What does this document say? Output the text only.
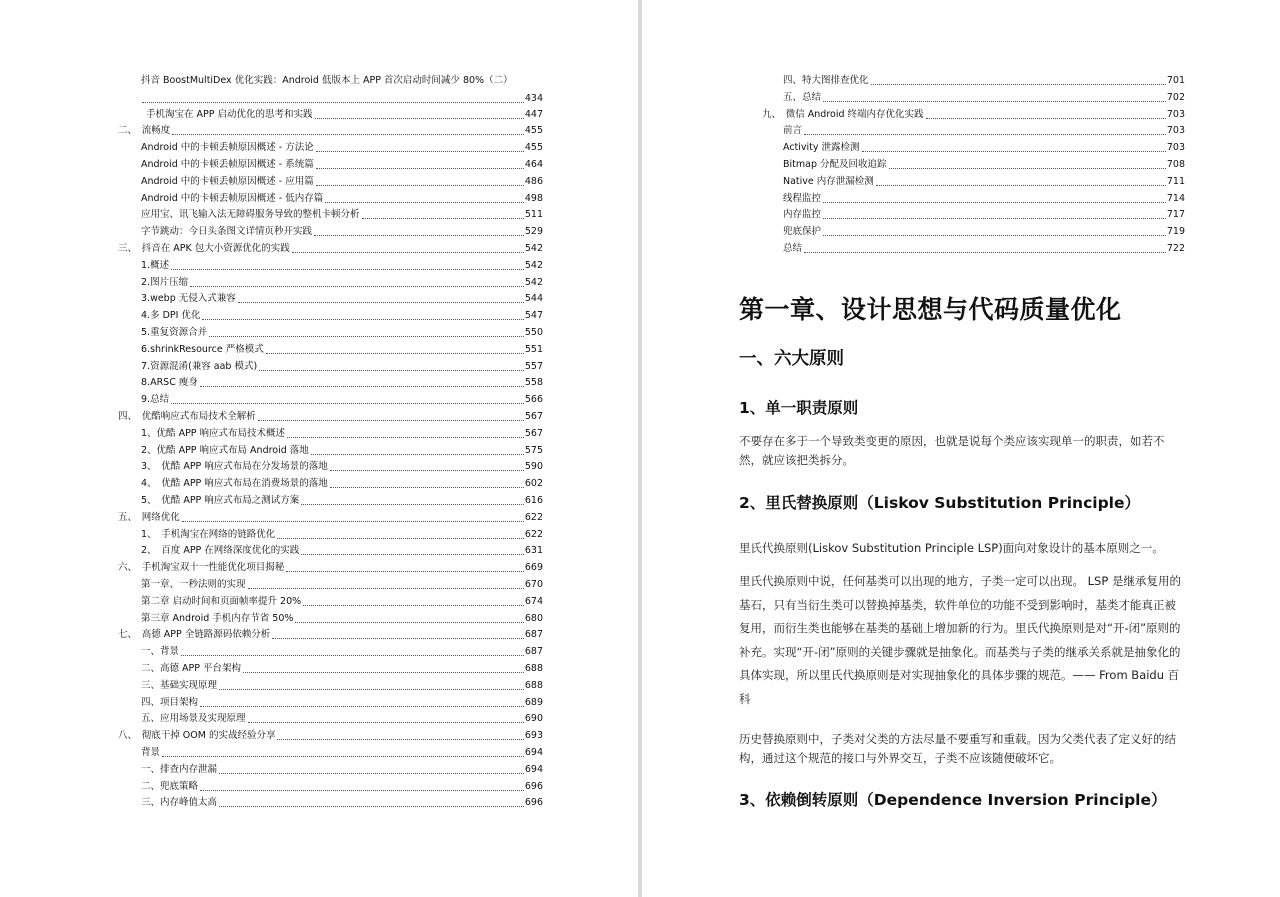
抖音 BoostMultiDex 优化实践：Android 低版本上 APP 首次启动时间减少 80%（二）
434
手机淘宝在 APP 启动优化的思考和实践	447
二、　流畅度	455
Android 中的卡顿丢帧原因概述 - 方法论	455
Android 中的卡顿丢帧原因概述 - 系统篇	464
Android 中的卡顿丢帧原因概述 - 应用篇	486
Android 中的卡顿丢帧原因概述 - 低内存篇	498
应用宝、讯飞输入法无障碍服务导致的整机卡顿分析	511
字节跳动：今日头条图文详情页秒开实践	529
三、　抖音在 APK 包大小资源优化的实践	542
1.概述	542
2.图片压缩	542
3.webp 无侵入式兼容	544
4.多 DPI 优化	547
5.重复资源合并	550
6.shrinkResource 严格模式	551
7.资源混淆(兼容 aab 模式)	557
8.ARSC 瘦身	558
9.总结	566
四、　优酷响应式布局技术全解析	567
1、优酷 APP 响应式布局技术概述	567
2、优酷 APP 响应式布局 Android 落地	575
3、　优酷 APP 响应式布局在分发场景的落地	590
4、　优酷 APP 响应式布局在消费场景的落地	602
5、　优酷 APP 响应式布局之测试方案	616
五、　网络优化	622
1、　手机淘宝在网络的链路优化	622
2、　百度 APP 在网络深度优化的实践	631
六、　手机淘宝双十一性能优化项目揭秘	669
第一章、一秒法则的实现	670
第二章 启动时间和页面帧率提升 20%	674
第三章 Android 手机内存节省 50%	680
七、　高德 APP 全链路源码依赖分析	687
一、背景	687
二、高德 APP 平台架构	688
三、基础实现原理	688
四、项目架构	689
五、应用场景及实现原理	690
八、　彻底干掉 OOM 的实战经验分享	693
背景	694
一、排查内存泄漏	694
二、兜底策略	696
三、内存峰值太高	696
四、特大图排查优化	701
五、总结	702
九、　微信 Android 终端内存优化实践	703
前言	703
Activity 泄露检测	703
Bitmap 分配及回收追踪	708
Native 内存泄漏检测	711
线程监控	714
内存监控	717
兜底保护	719
总结	722
第一章、设计思想与代码质量优化
一、六大原则
1、单一职责原则

不要存在多于一个导致类变更的原因，也就是说每个类应该实现单一的职责，如若不然，就应该把类拆分。

2、里氏替换原则（Liskov Substitution Principle）

里氏代换原则(Liskov Substitution Principle LSP)面向对象设计的基本原则之一。

里氏代换原则中说，任何基类可以出现的地方，子类一定可以出现。 LSP 是继承复用的基石，只有当衍生类可以替换掉基类，软件单位的功能不受到影响时，基类才能真正被复用，而衍生类也能够在基类的基础上增加新的行为。里氏代换原则是对“开-闭”原则的补充。实现“开-闭”原则的关键步骤就是抽象化。而基类与子类的继承关系就是抽象化的具体实现，所以里氏代换原则是对实现抽象化的具体步骤的规范。—— From Baidu 百科

历史替换原则中，子类对父类的方法尽量不要重写和重载。因为父类代表了定义好的结构，通过这个规范的接口与外界交互，子类不应该随便破坏它。

3、依赖倒转原则（Dependence Inversion Principle）
